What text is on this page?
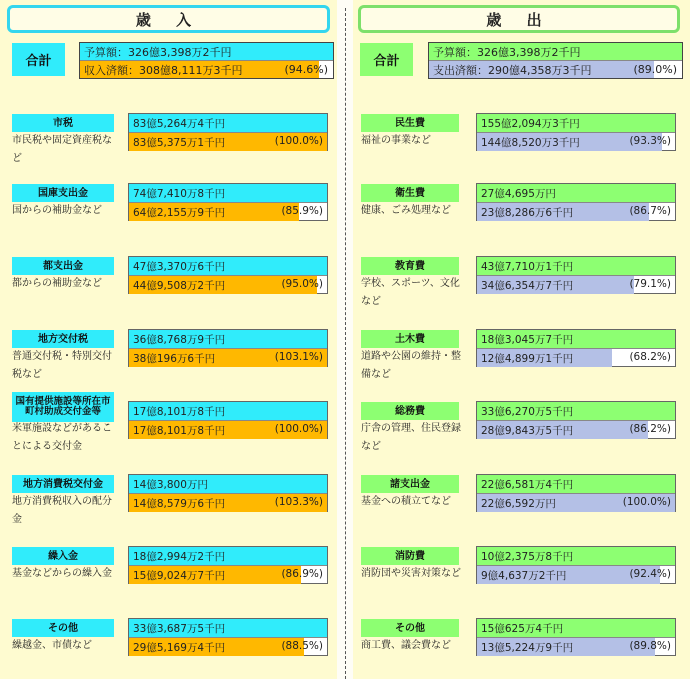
歳 入	歳 出
合計
予算額：326億3,398万2千円
収入済額：308億8,111万3千円	(94.6%)
合計
予算額：326億3,398万2千円
支出済額：290億4,358万3千円	(89.0%)
市税
市民税や固定資産税など
83億5,264万4千円
83億5,375万1千円	(100.0%)
国庫支出金
国からの補助金など
74億7,410万8千円
64億2,155万9千円	(85.9%)
都支出金
都からの補助金など
47億3,370万6千円
44億9,508万2千円	(95.0%)
地方交付税
普通交付税・特別交付税など
36億8,768万9千円
38億196万6千円	(103.1%)
国有提供施設等所在市町村助成交付金等
米軍施設などがあることによる交付金
17億8,101万8千円
17億8,101万8千円	(100.0%)
地方消費税交付金
地方消費税収入の配分金
14億3,800万円
14億8,579万6千円	(103.3%)
繰入金
基金などからの繰入金
18億2,994万2千円
15億9,024万7千円	(86.9%)
その他
繰越金、市債など
33億3,687万5千円
29億5,169万4千円	(88.5%)
民生費
福祉の事業など
155億2,094万3千円
144億8,520万3千円	(93.3%)
衛生費
健康、ごみ処理など
27億4,695万円
23億8,286万6千円	(86.7%)
教育費
学校、スポーツ、文化など
43億7,710万1千円
34億6,354万7千円	(79.1%)
土木費
道路や公園の維持・整備など
18億3,045万7千円
12億4,899万1千円	(68.2%)
総務費
庁舎の管理、住民登録など
33億6,270万5千円
28億9,843万5千円	(86.2%)
諸支出金
基金への積立てなど
22億6,581万4千円
22億6,592万円	(100.0%)
消防費
消防団や災害対策など
10億2,375万8千円
9億4,637万2千円	(92.4%)
その他
商工費、議会費など
15億625万4千円
13億5,224万9千円	(89.8%)
